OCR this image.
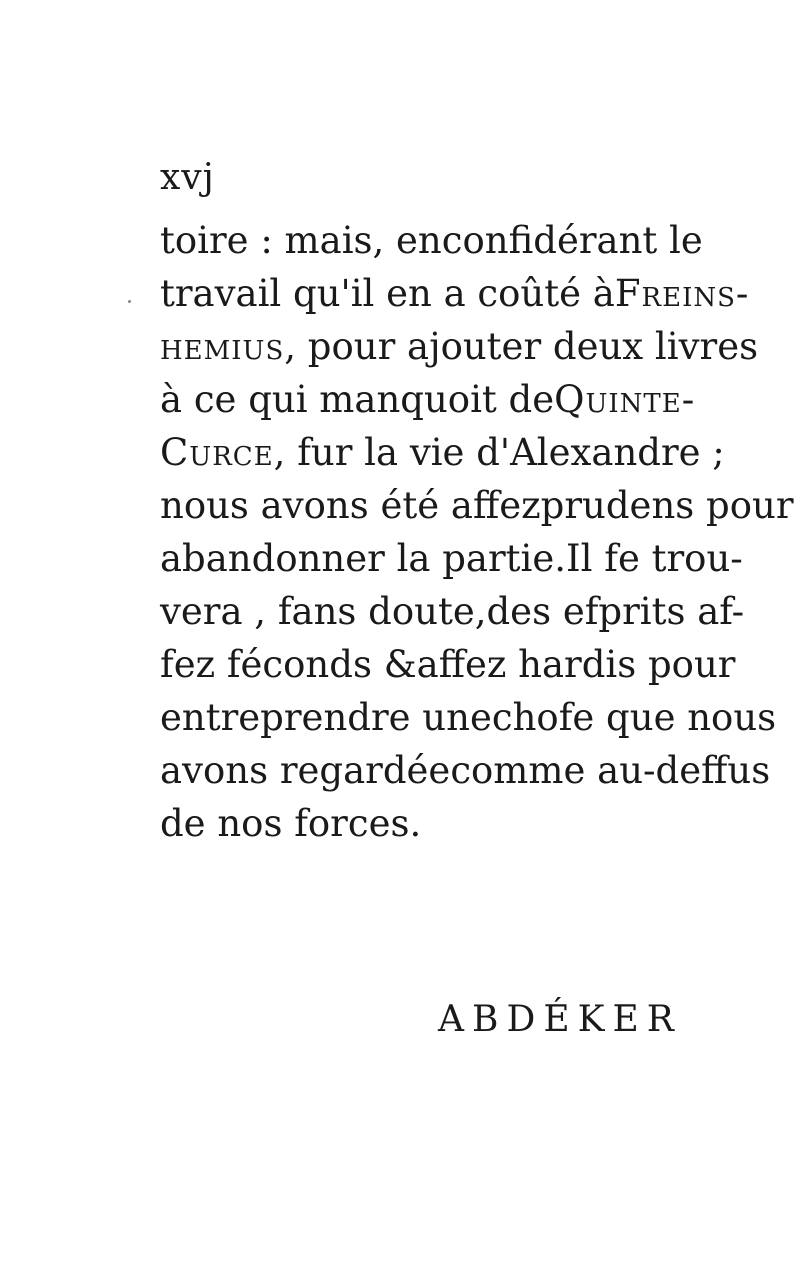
xvj
toire : mais, en confidérant le
travail qu'il en a coûté à Freins-
hemius , pour ajouter deux livres
à ce qui manquoit de Quinte-
Curce , fur la vie d'Alexandre ;
nous avons été affez prudens pour
abandonner la partie. Il fe trou-
vera , fans doute, des efprits af-
fez féconds & affez hardis pour
entreprendre une chofe que nous
avons regardée comme au-deffus
de nos forces.
ABDÉKER
